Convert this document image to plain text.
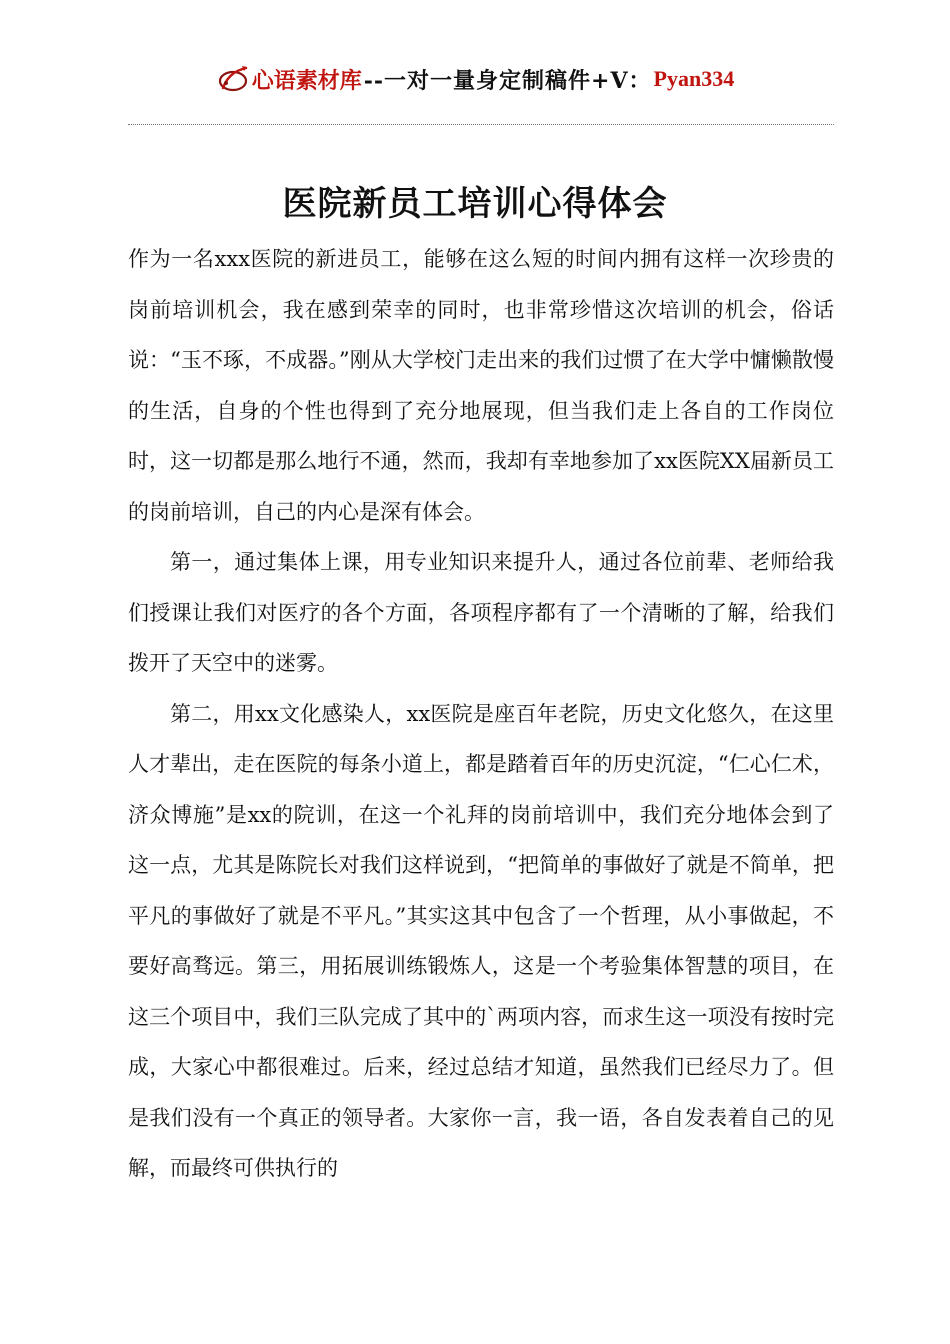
心语素材库 --一对一量身定制稿件+V： Pyan334
医院新员工培训心得体会

作为一名xxx医院的新进员工，能够在这么短的时间内拥有这样一次珍贵的岗前培训机会，我在感到荣幸的同时，也非常珍惜这次培训的机会，俗话说：“玉不琢，不成器。”刚从大学校门走出来的我们过惯了在大学中慵懒散慢的生活，自身的个性也得到了充分地展现，但当我们走上各自的工作岗位时，这一切都是那么地行不通，然而，我却有幸地参加了xx医院XX届新员工的岗前培训，自己的内心是深有体会。

第一，通过集体上课，用专业知识来提升人，通过各位前辈、老师给我们授课让我们对医疗的各个方面，各项程序都有了一个清晰的了解，给我们拨开了天空中的迷雾。

第二，用xx文化感染人，xx医院是座百年老院，历史文化悠久，在这里人才辈出，走在医院的每条小道上，都是踏着百年的历史沉淀，“仁心仁术，济众博施”是xx的院训，在这一个礼拜的岗前培训中，我们充分地体会到了这一点，尤其是陈院长对我们这样说到，“把简单的事做好了就是不简单，把平凡的事做好了就是不平凡。”其实这其中包含了一个哲理，从小事做起，不要好高骛远。第三，用拓展训练锻炼人，这是一个考验集体智慧的项目，在这三个项目中，我们三队完成了其中的`两项内容，而求生这一项没有按时完成，大家心中都很难过。后来，经过总结才知道，虽然我们已经尽力了。但是我们没有一个真正的领导者。大家你一言，我一语，各自发表着自己的见解，而最终可供执行的
